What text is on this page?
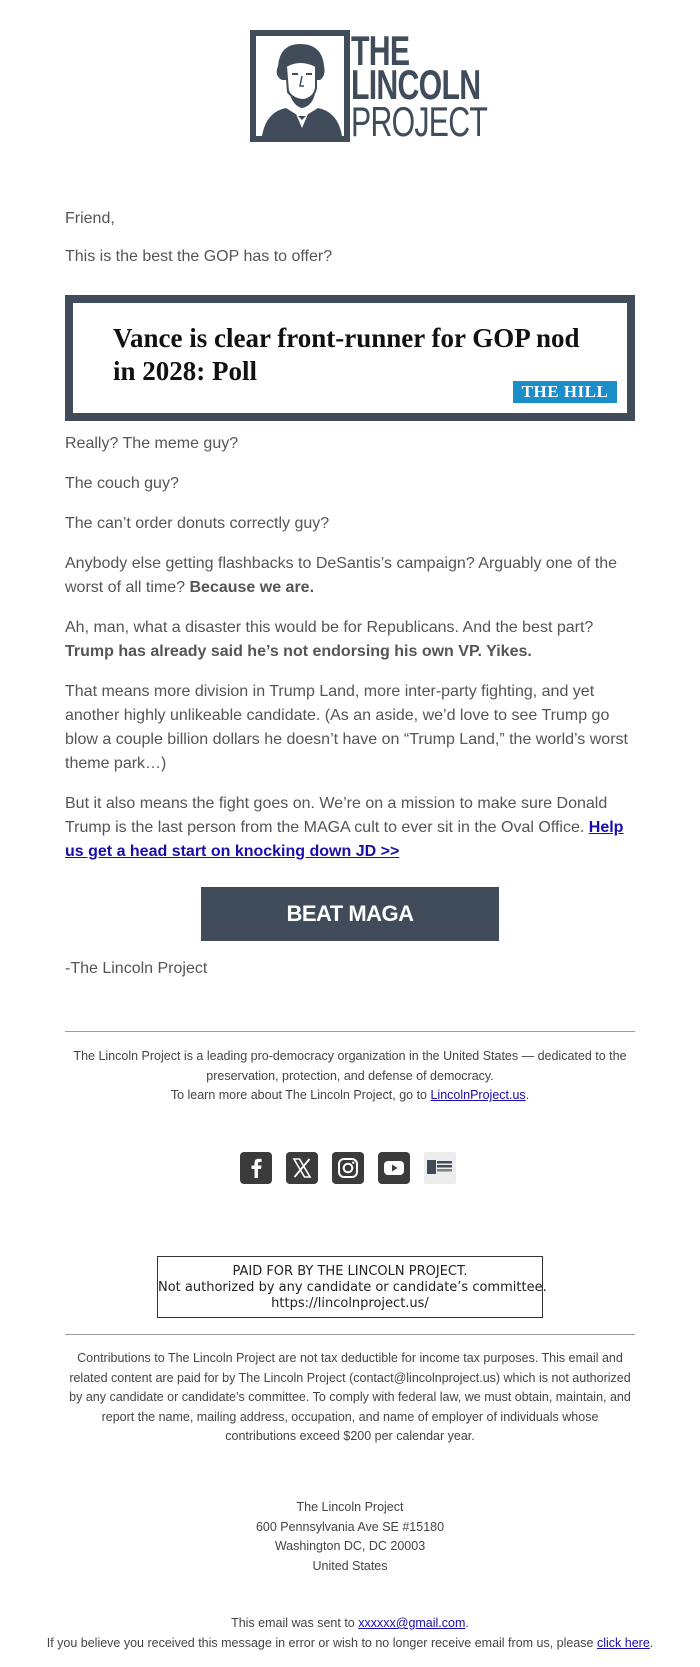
THE
LINCOLN
PROJECT

Friend,

This is the best the GOP has to offer?

Vance is clear front-runner for GOP nod in 2028: Poll
THE HILL

Really? The meme guy?

The couch guy?

The can’t order donuts correctly guy?

Anybody else getting flashbacks to DeSantis’s campaign? Arguably one of the worst of all time? Because we are.

Ah, man, what a disaster this would be for Republicans. And the best part? Trump has already said he’s not endorsing his own VP. Yikes.

That means more division in Trump Land, more inter-party fighting, and yet another highly unlikeable candidate. (As an aside, we’d love to see Trump go blow a couple billion dollars he doesn’t have on “Trump Land,” the world’s worst theme park…)

But it also means the fight goes on. We’re on a mission to make sure Donald Trump is the last person from the MAGA cult to ever sit in the Oval Office. Help us get a head start on knocking down JD >>

BEAT MAGA

-The Lincoln Project

The Lincoln Project is a leading pro-democracy organization in the United States — dedicated to the preservation, protection, and defense of democracy.
To learn more about The Lincoln Project, go to LincolnProject.us.

PAID FOR BY THE LINCOLN PROJECT.
Not authorized by any candidate or candidate’s committee.
https://lincolnproject.us/

Contributions to The Lincoln Project are not tax deductible for income tax purposes. This email and related content are paid for by The Lincoln Project (contact@lincolnproject.us) which is not authorized by any candidate or candidate’s committee. To comply with federal law, we must obtain, maintain, and report the name, mailing address, occupation, and name of employer of individuals whose contributions exceed $200 per calendar year.

The Lincoln Project
600 Pennsylvania Ave SE #15180
Washington DC, DC 20003
United States
This email was sent to xxxxxx@gmail.com.
If you believe you received this message in error or wish to no longer receive email from us, please click here.
